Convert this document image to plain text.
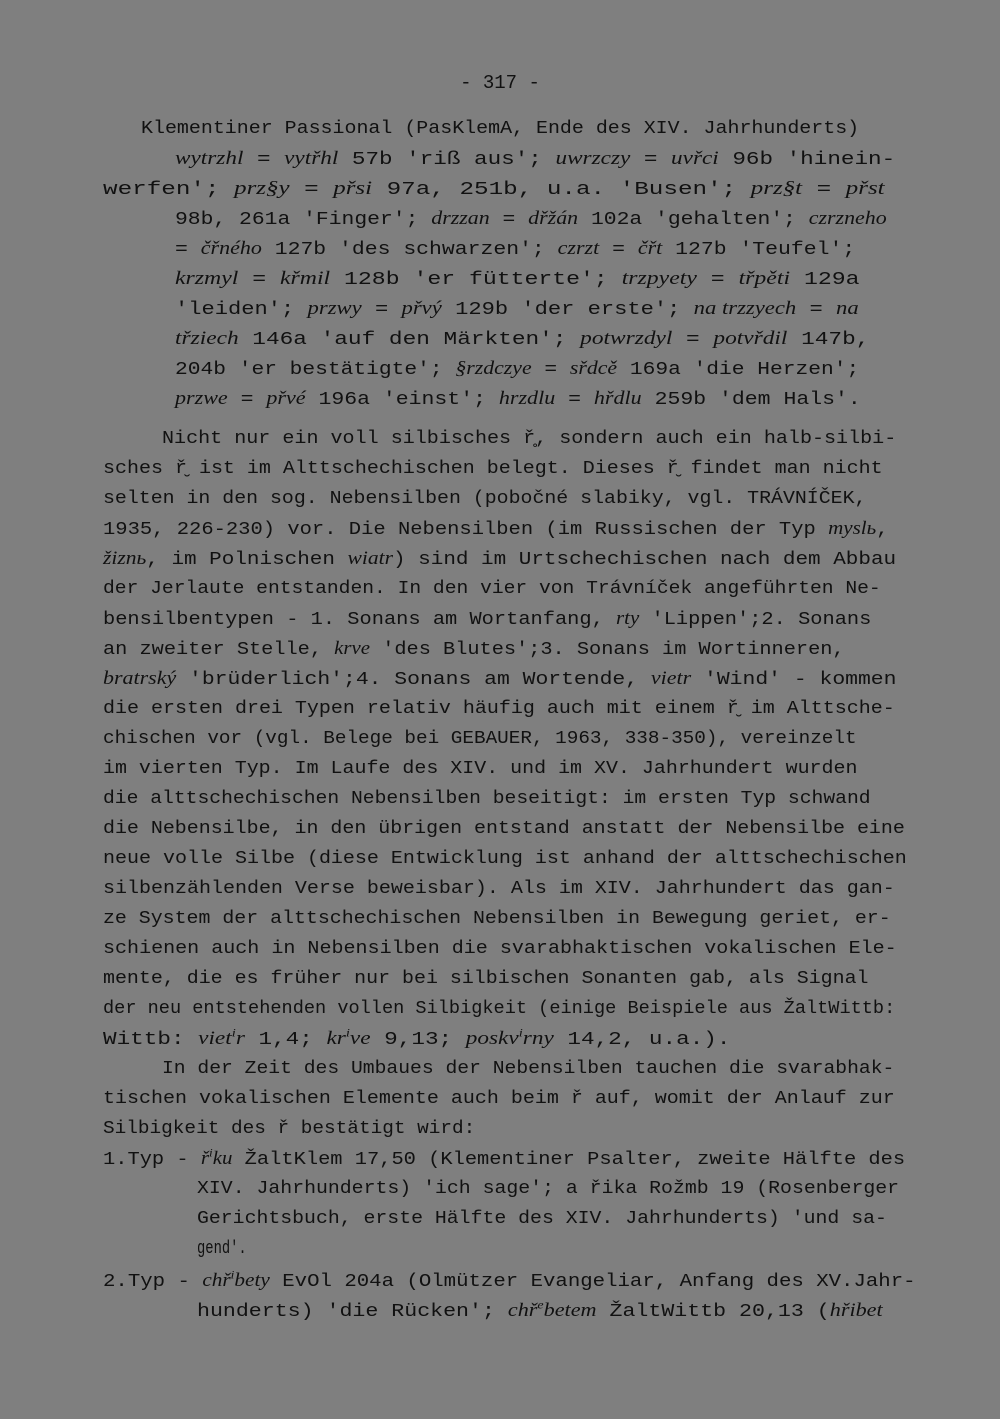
- 317 -
Klementiner Passional (PasKlemA, Ende des XIV. Jahrhunderts)
wytrzhl = vytřhl 57b 'riß aus'; uwrzczy = uvřci 96b 'hinein-
werfen'; prz§y = přsi 97a, 251b, u.a. 'Busen'; prz§t = přst
98b, 261a 'Finger'; drzzan = dřžán 102a 'gehalten'; czrzneho
= čřného 127b 'des schwarzen'; czrzt = čřt 127b 'Teufel';
krzmyl = křmil 128b 'er fütterte'; trzpyety = třpěti 129a
'leiden'; przwy = přvý 129b 'der erste'; na trzzyech = na
třziech 146a 'auf den Märkten'; potwrzdyl = potvřdil 147b,
204b 'er bestätigte'; §rzdczye = sřdcě 169a 'die Herzen';
przwe = přvé 196a 'einst'; hrzdlu = hřdlu 259b 'dem Hals'.
Nicht nur ein voll silbisches ř̥, sondern auch ein halb-silbi-
sches ř̮ ist im Alttschechischen belegt. Dieses ř̮ findet man nicht
selten in den sog. Nebensilben (pobočné slabiky, vgl. TRÁVNÍČEK,
1935, 226-230) vor. Die Nebensilben (im Russischen der Typ myslь,
žiznь, im Polnischen wiatr) sind im Urtschechischen nach dem Abbau
der Jerlaute entstanden. In den vier von Trávníček angeführten Ne-
bensilbentypen - 1. Sonans am Wortanfang, rty 'Lippen';2. Sonans
an zweiter Stelle, krve 'des Blutes';3. Sonans im Wortinneren,
bratrský 'brüderlich';4. Sonans am Wortende, vietr 'Wind' - kommen
die ersten drei Typen relativ häufig auch mit einem ř̮ im Alttsche-
chischen vor (vgl. Belege bei GEBAUER, 1963, 338-350), vereinzelt
im vierten Typ. Im Laufe des XIV. und im XV. Jahrhundert wurden
die alttschechischen Nebensilben beseitigt: im ersten Typ schwand
die Nebensilbe, in den übrigen entstand anstatt der Nebensilbe eine
neue volle Silbe (diese Entwicklung ist anhand der alttschechischen
silbenzählenden Verse beweisbar). Als im XIV. Jahrhundert das gan-
ze System der alttschechischen Nebensilben in Bewegung geriet, er-
schienen auch in Nebensilben die svarabhaktischen vokalischen Ele-
mente, die es früher nur bei silbischen Sonanten gab, als Signal
der neu entstehenden vollen Silbigkeit (einige Beispiele aus ŽaltWittb:
Wittb: viet$^i$r 1,4; $kr^ive$ 9,13; poskv$^i$rny 14,2, u.a.).
In der Zeit des Umbaues der Nebensilben tauchen die svarabhak-
tischen vokalischen Elemente auch beim ř auf, womit der Anlauf zur
Silbigkeit des ř bestätigt wird:
$1.Typ - ř^iku$ ŽaltKlem 17,50 (Klementiner Psalter, zweite Hälfte des
XIV. Jahrhunderts) 'ich sage'; a řika Rožmb 19 (Rosenberger
Gerichtsbuch, erste Hälfte des XIV. Jahrhunderts) 'und sa-
gend'.
2.Typ - chř$^i$bety EvOl 204a (Olmützer Evangeliar, Anfang des XV.Jahr-
hunderts) 'die Rücken'; chř$^e$betem ŽaltWittb 20,13 (hřibet
